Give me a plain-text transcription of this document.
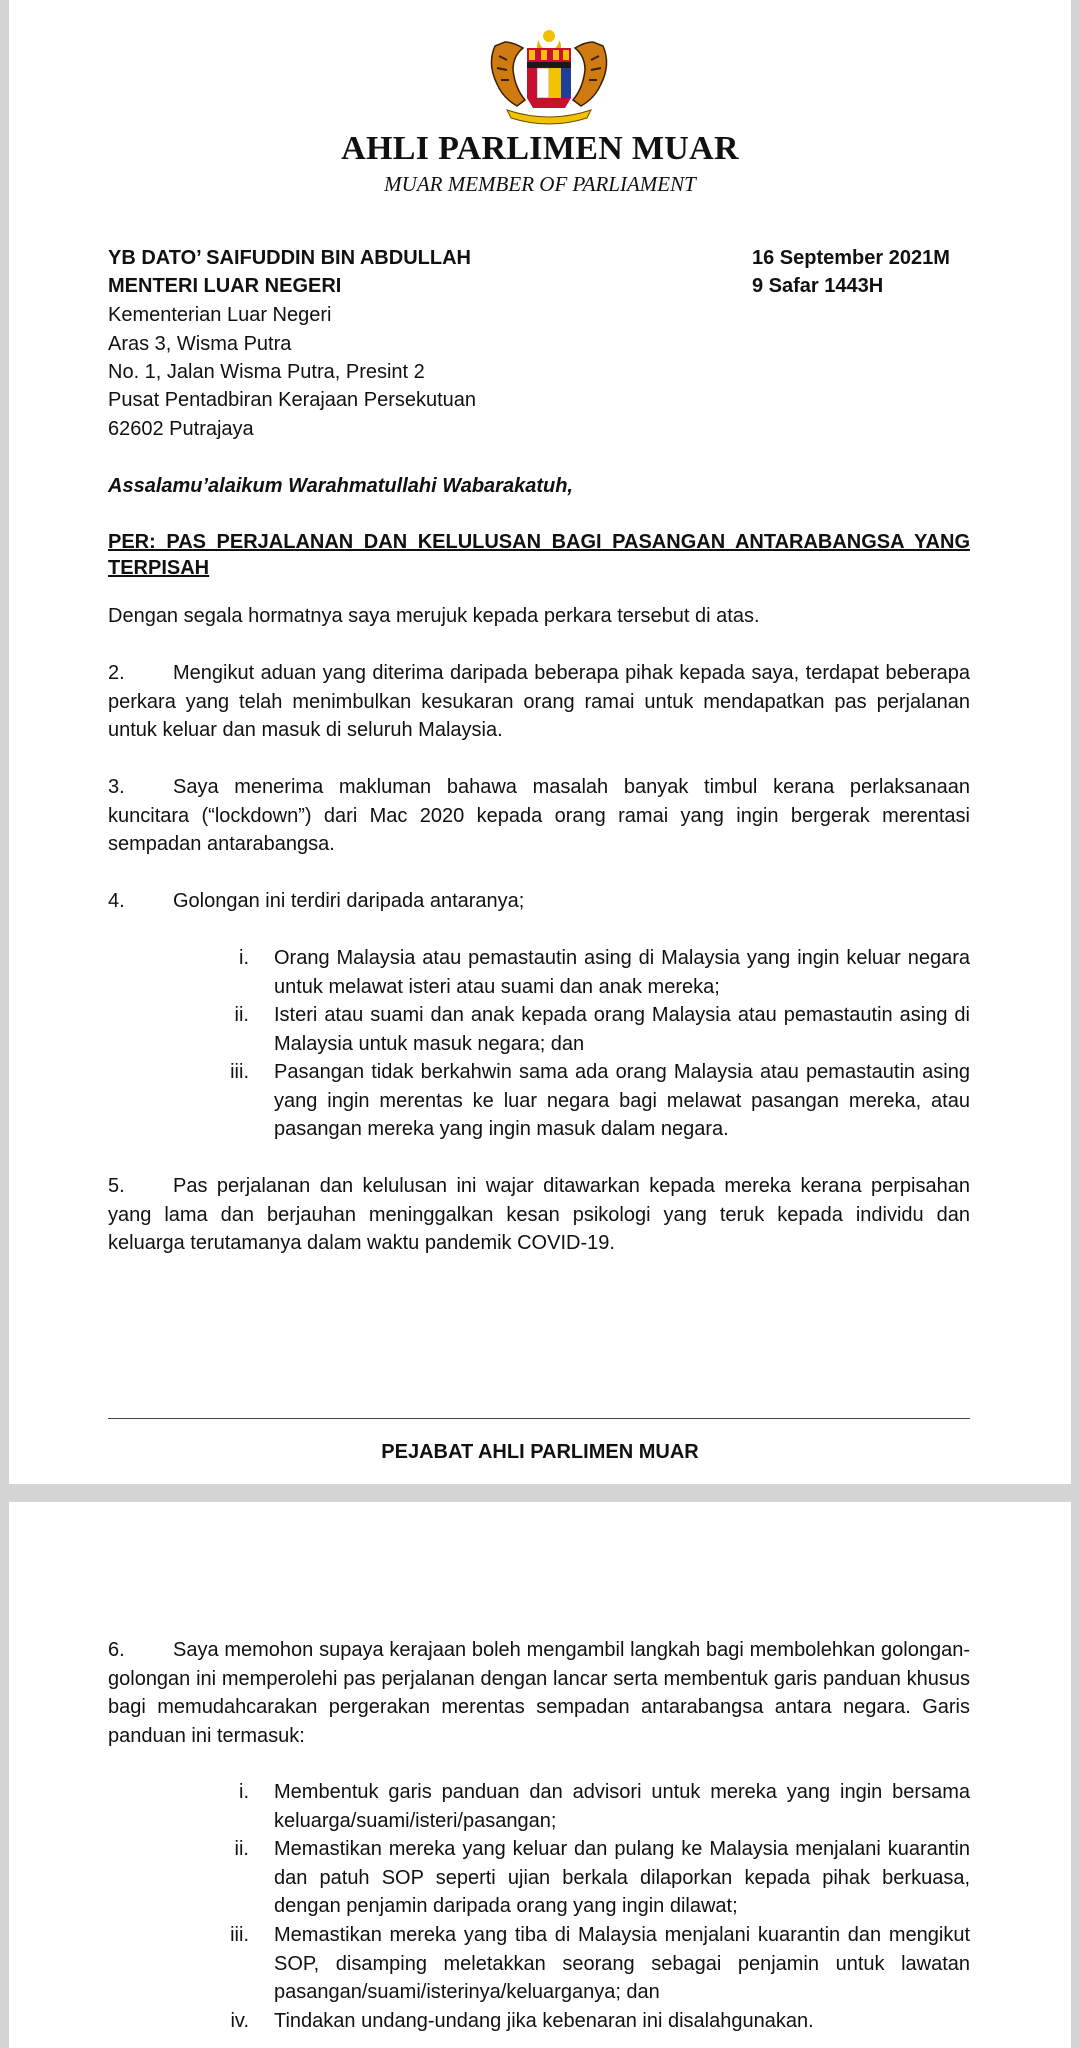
AHLI PARLIMEN MUAR
MUAR MEMBER OF PARLIAMENT
YB DATO’ SAIFUDDIN BIN ABDULLAH
MENTERI LUAR NEGERI
16 September 2021M
9 Safar 1443H
Kementerian Luar Negeri
Aras 3, Wisma Putra
No. 1, Jalan Wisma Putra, Presint 2
Pusat Pentadbiran Kerajaan Persekutuan
62602 Putrajaya
Assalamu’alaikum Warahmatullahi Wabarakatuh,
PER: PAS PERJALANAN DAN KELULUSAN BAGI PASANGAN ANTARABANGSA YANG TERPISAH
Dengan segala hormatnya saya merujuk kepada perkara tersebut di atas.
2. Mengikut aduan yang diterima daripada beberapa pihak kepada saya, terdapat beberapa perkara yang telah menimbulkan kesukaran orang ramai untuk mendapatkan pas perjalanan untuk keluar dan masuk di seluruh Malaysia.
3. Saya menerima makluman bahawa masalah banyak timbul kerana perlaksanaan kuncitara (“lockdown”) dari Mac 2020 kepada orang ramai yang ingin bergerak merentasi sempadan antarabangsa.
4. Golongan ini terdiri daripada antaranya;
i. Orang Malaysia atau pemastautin asing di Malaysia yang ingin keluar negara untuk melawat isteri atau suami dan anak mereka;
ii. Isteri atau suami dan anak kepada orang Malaysia atau pemastautin asing di Malaysia untuk masuk negara; dan
iii. Pasangan tidak berkahwin sama ada orang Malaysia atau pemastautin asing yang ingin merentas ke luar negara bagi melawat pasangan mereka, atau pasangan mereka yang ingin masuk dalam negara.
5. Pas perjalanan dan kelulusan ini wajar ditawarkan kepada mereka kerana perpisahan yang lama dan berjauhan meninggalkan kesan psikologi yang teruk kepada individu dan keluarga terutamanya dalam waktu pandemik COVID-19.
PEJABAT AHLI PARLIMEN MUAR
6. Saya memohon supaya kerajaan boleh mengambil langkah bagi membolehkan golongan-golongan ini memperolehi pas perjalanan dengan lancar serta membentuk garis panduan khusus bagi memudahcarakan pergerakan merentas sempadan antarabangsa antara negara. Garis panduan ini termasuk:
i. Membentuk garis panduan dan advisori untuk mereka yang ingin bersama keluarga/suami/isteri/pasangan;
ii. Memastikan mereka yang keluar dan pulang ke Malaysia menjalani kuarantin dan patuh SOP seperti ujian berkala dilaporkan kepada pihak berkuasa, dengan penjamin daripada orang yang ingin dilawat;
iii. Memastikan mereka yang tiba di Malaysia menjalani kuarantin dan mengikut SOP, disamping meletakkan seorang sebagai penjamin untuk lawatan pasangan/suami/isterinya/keluarganya; dan
iv. Tindakan undang-undang jika kebenaran ini disalahgunakan.
